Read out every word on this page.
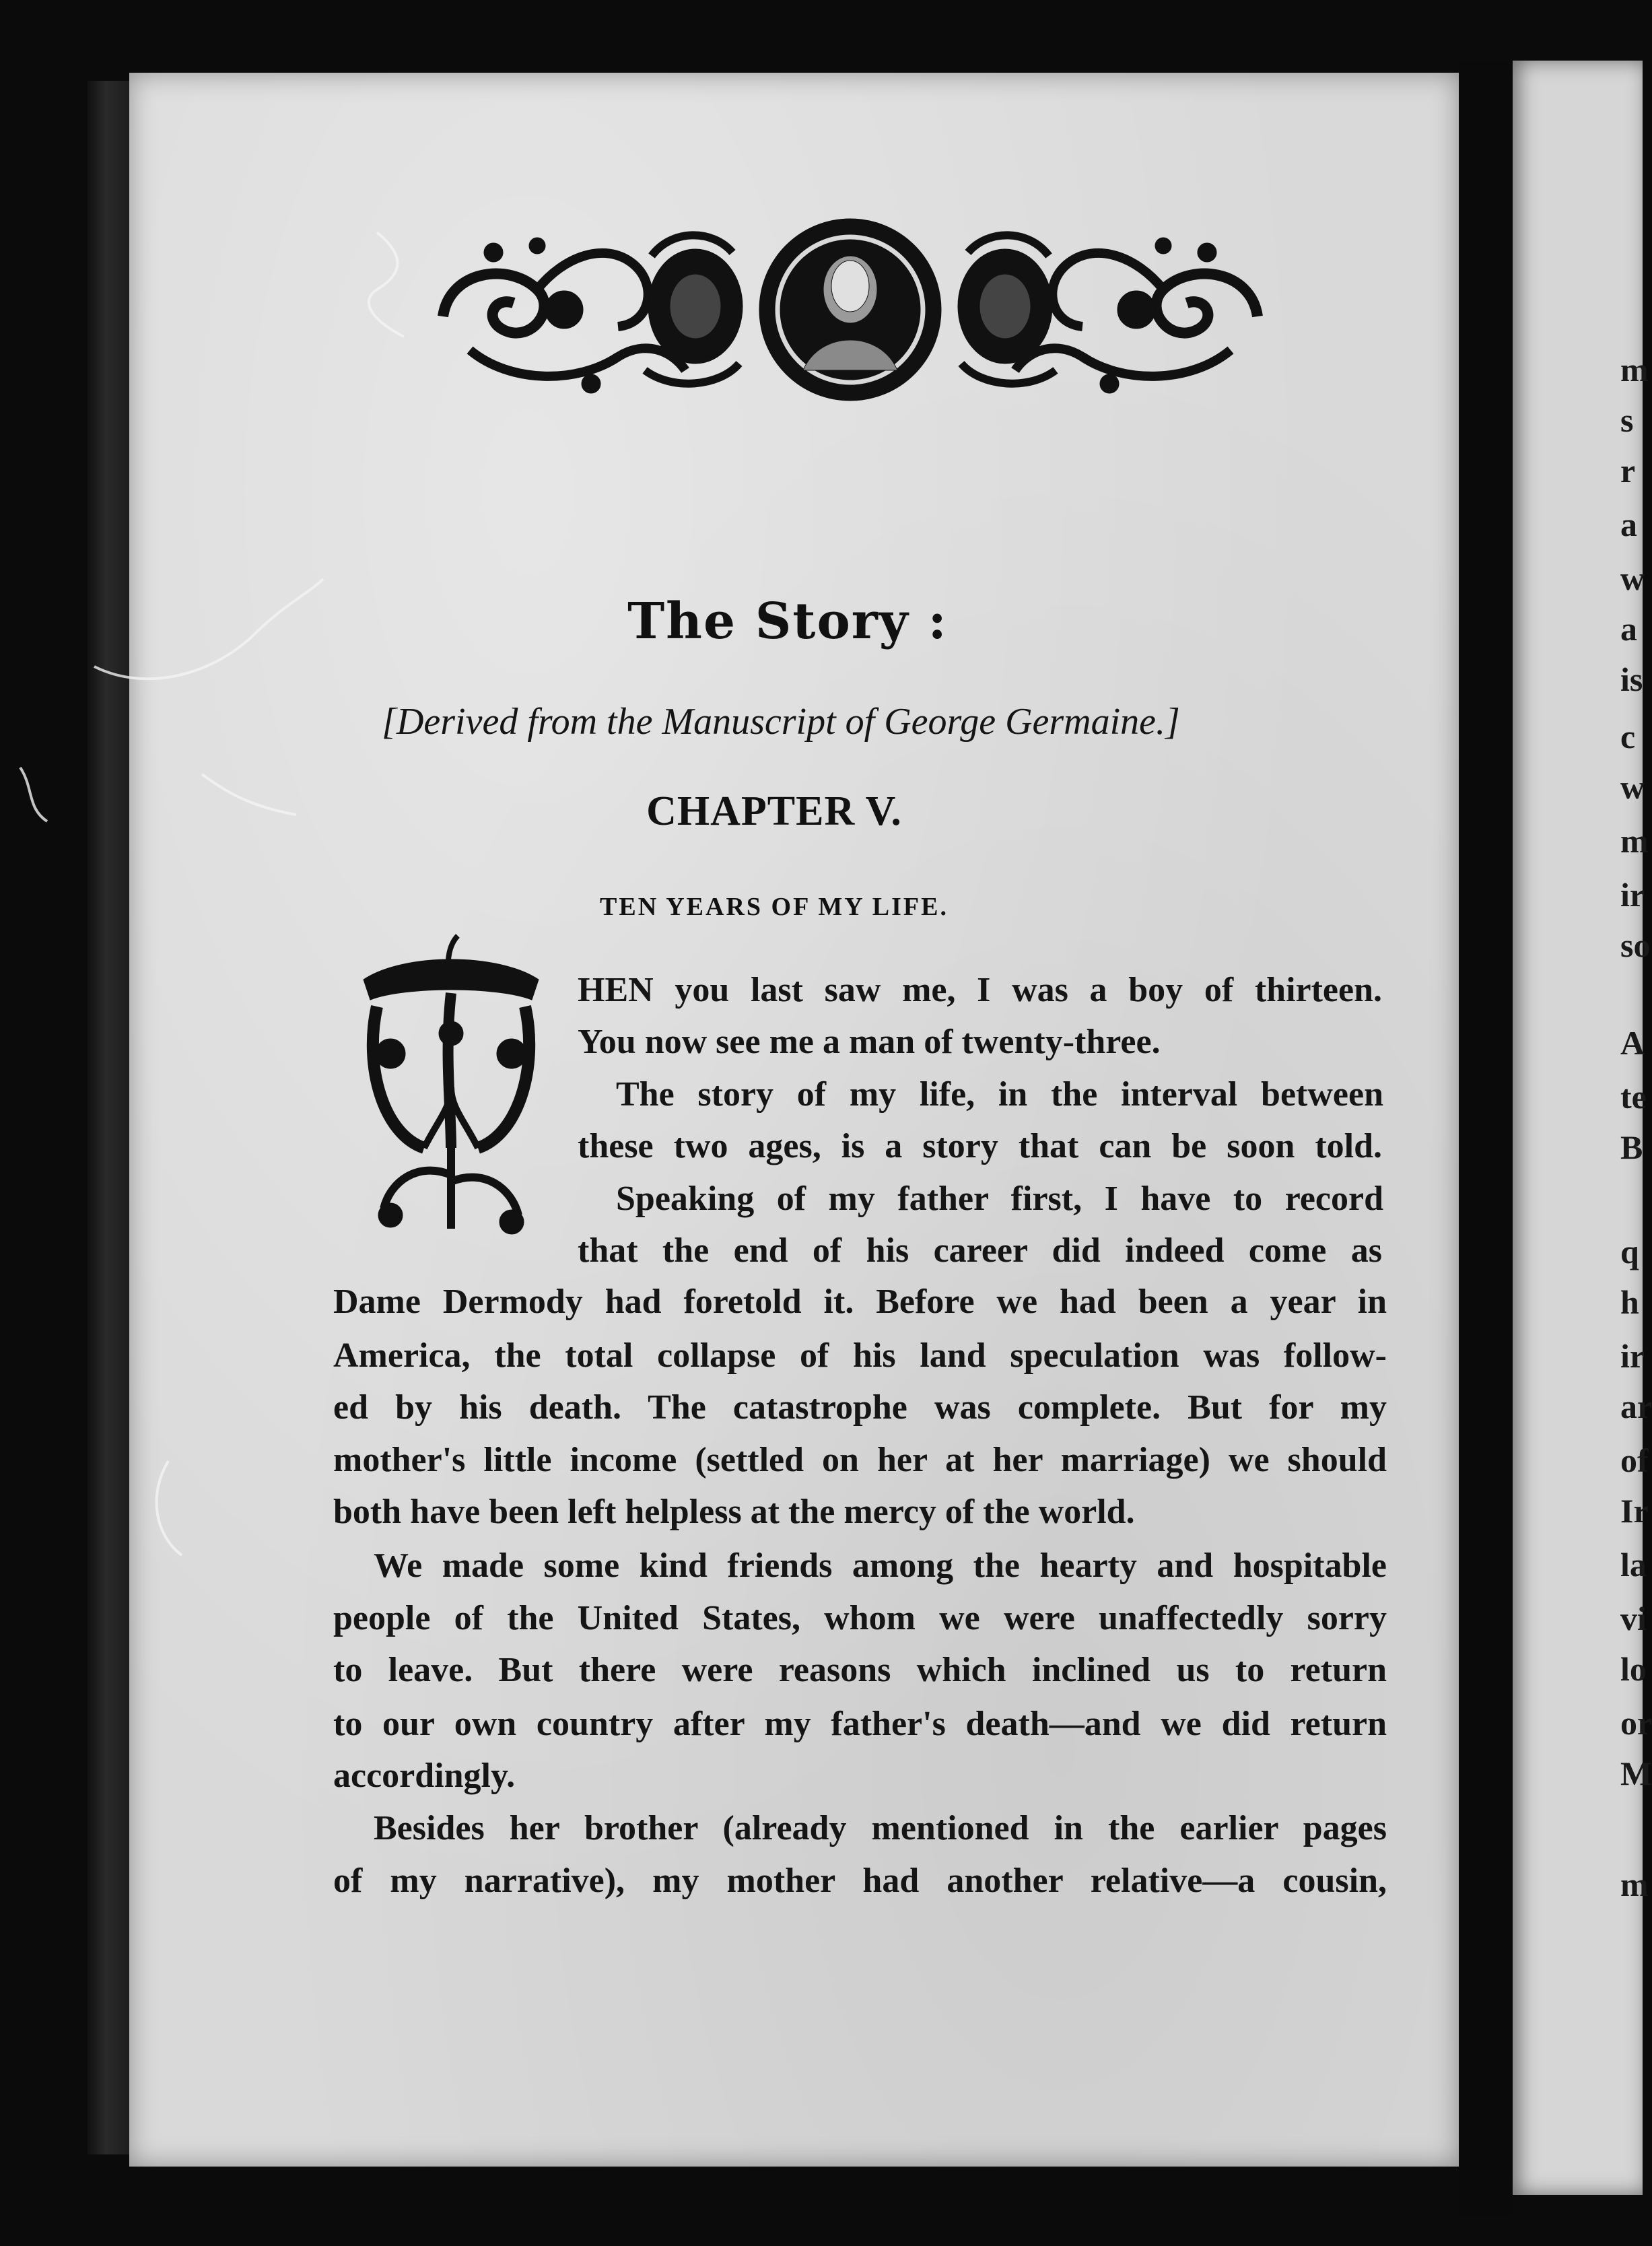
m
s
r
a
w
a
is
c
w
m
ir
so
A
te
B
q
h
ir
ar
of
Ir
la
vi
lo
or
M
m
The Story :
[Derived from the Manuscript of George Germaine.]
CHAPTER V.
TEN YEARS OF MY LIFE.
HEN you last saw me, I was a boy of thirteen.
You now see me a man of twenty-three.
The story of my life, in the interval between
these two ages, is a story that can be soon told.
Speaking of my father first, I have to record
that the end of his career did indeed come as
Dame Dermody had foretold it. Before we had been a year in
America, the total collapse of his land speculation was follow-
ed by his death. The catastrophe was complete. But for my
mother's little income (settled on her at her marriage) we should
both have been left helpless at the mercy of the world.
We made some kind friends among the hearty and hospitable
people of the United States, whom we were unaffectedly sorry
to leave. But there were reasons which inclined us to return
to our own country after my father's death—and we did return
accordingly.
Besides her brother (already mentioned in the earlier pages
of my narrative), my mother had another relative—a cousin,
